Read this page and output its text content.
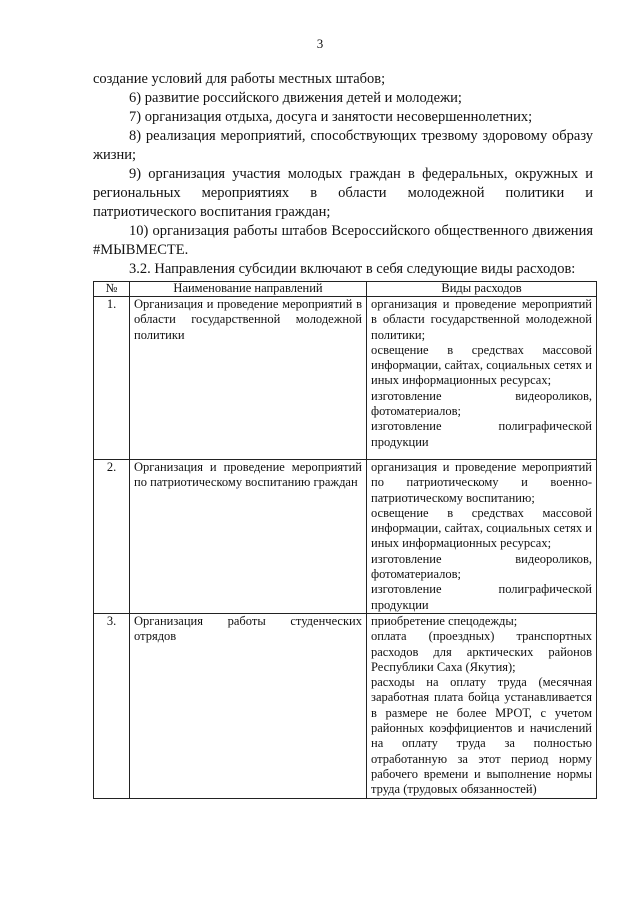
3
создание условий для работы местных штабов;
6) развитие российского движения детей и молодежи;
7) организация отдыха, досуга и занятости несовершеннолетних;
8) реализация мероприятий, способствующих трезвому здоровому образу жизни;
9) организация участия молодых граждан в федеральных, окружных и региональных мероприятиях в области молодежной политики и патриотического воспитания граждан;
10) организация работы штабов Всероссийского общественного движения #МЫВМЕСТЕ.
3.2. Направления субсидии включают в себя следующие виды расходов:
№	Наименование направлений	Виды расходов
1.	Организация и проведение мероприятий в области государственной молодежной политики	организация и проведение мероприятий в области государственной молодежной политики;
освещение в средствах массовой информации, сайтах, социальных сетях и иных информационных ресурсах;
изготовление видеороликов, фотоматериалов;
изготовление полиграфической продукции

2.	Организация и проведение мероприятий по патриотическому воспитанию граждан	организация и проведение мероприятий по патриотическому и военно-патриотическому воспитанию;
освещение в средствах массовой информации, сайтах, социальных сетях и иных информационных ресурсах;
изготовление видеороликов, фотоматериалов;
изготовление полиграфической продукции

3.	Организация работы студенческих отрядов	приобретение спецодежды;
оплата (проездных) транспортных расходов для арктических районов Республики Саха (Якутия);
расходы на оплату труда (месячная заработная плата бойца устанавливается в размере не более МРОТ, с учетом районных коэффициентов и начислений на оплату труда за полностью отработанную за этот период норму рабочего времени и выполнение нормы труда (трудовых обязанностей)
